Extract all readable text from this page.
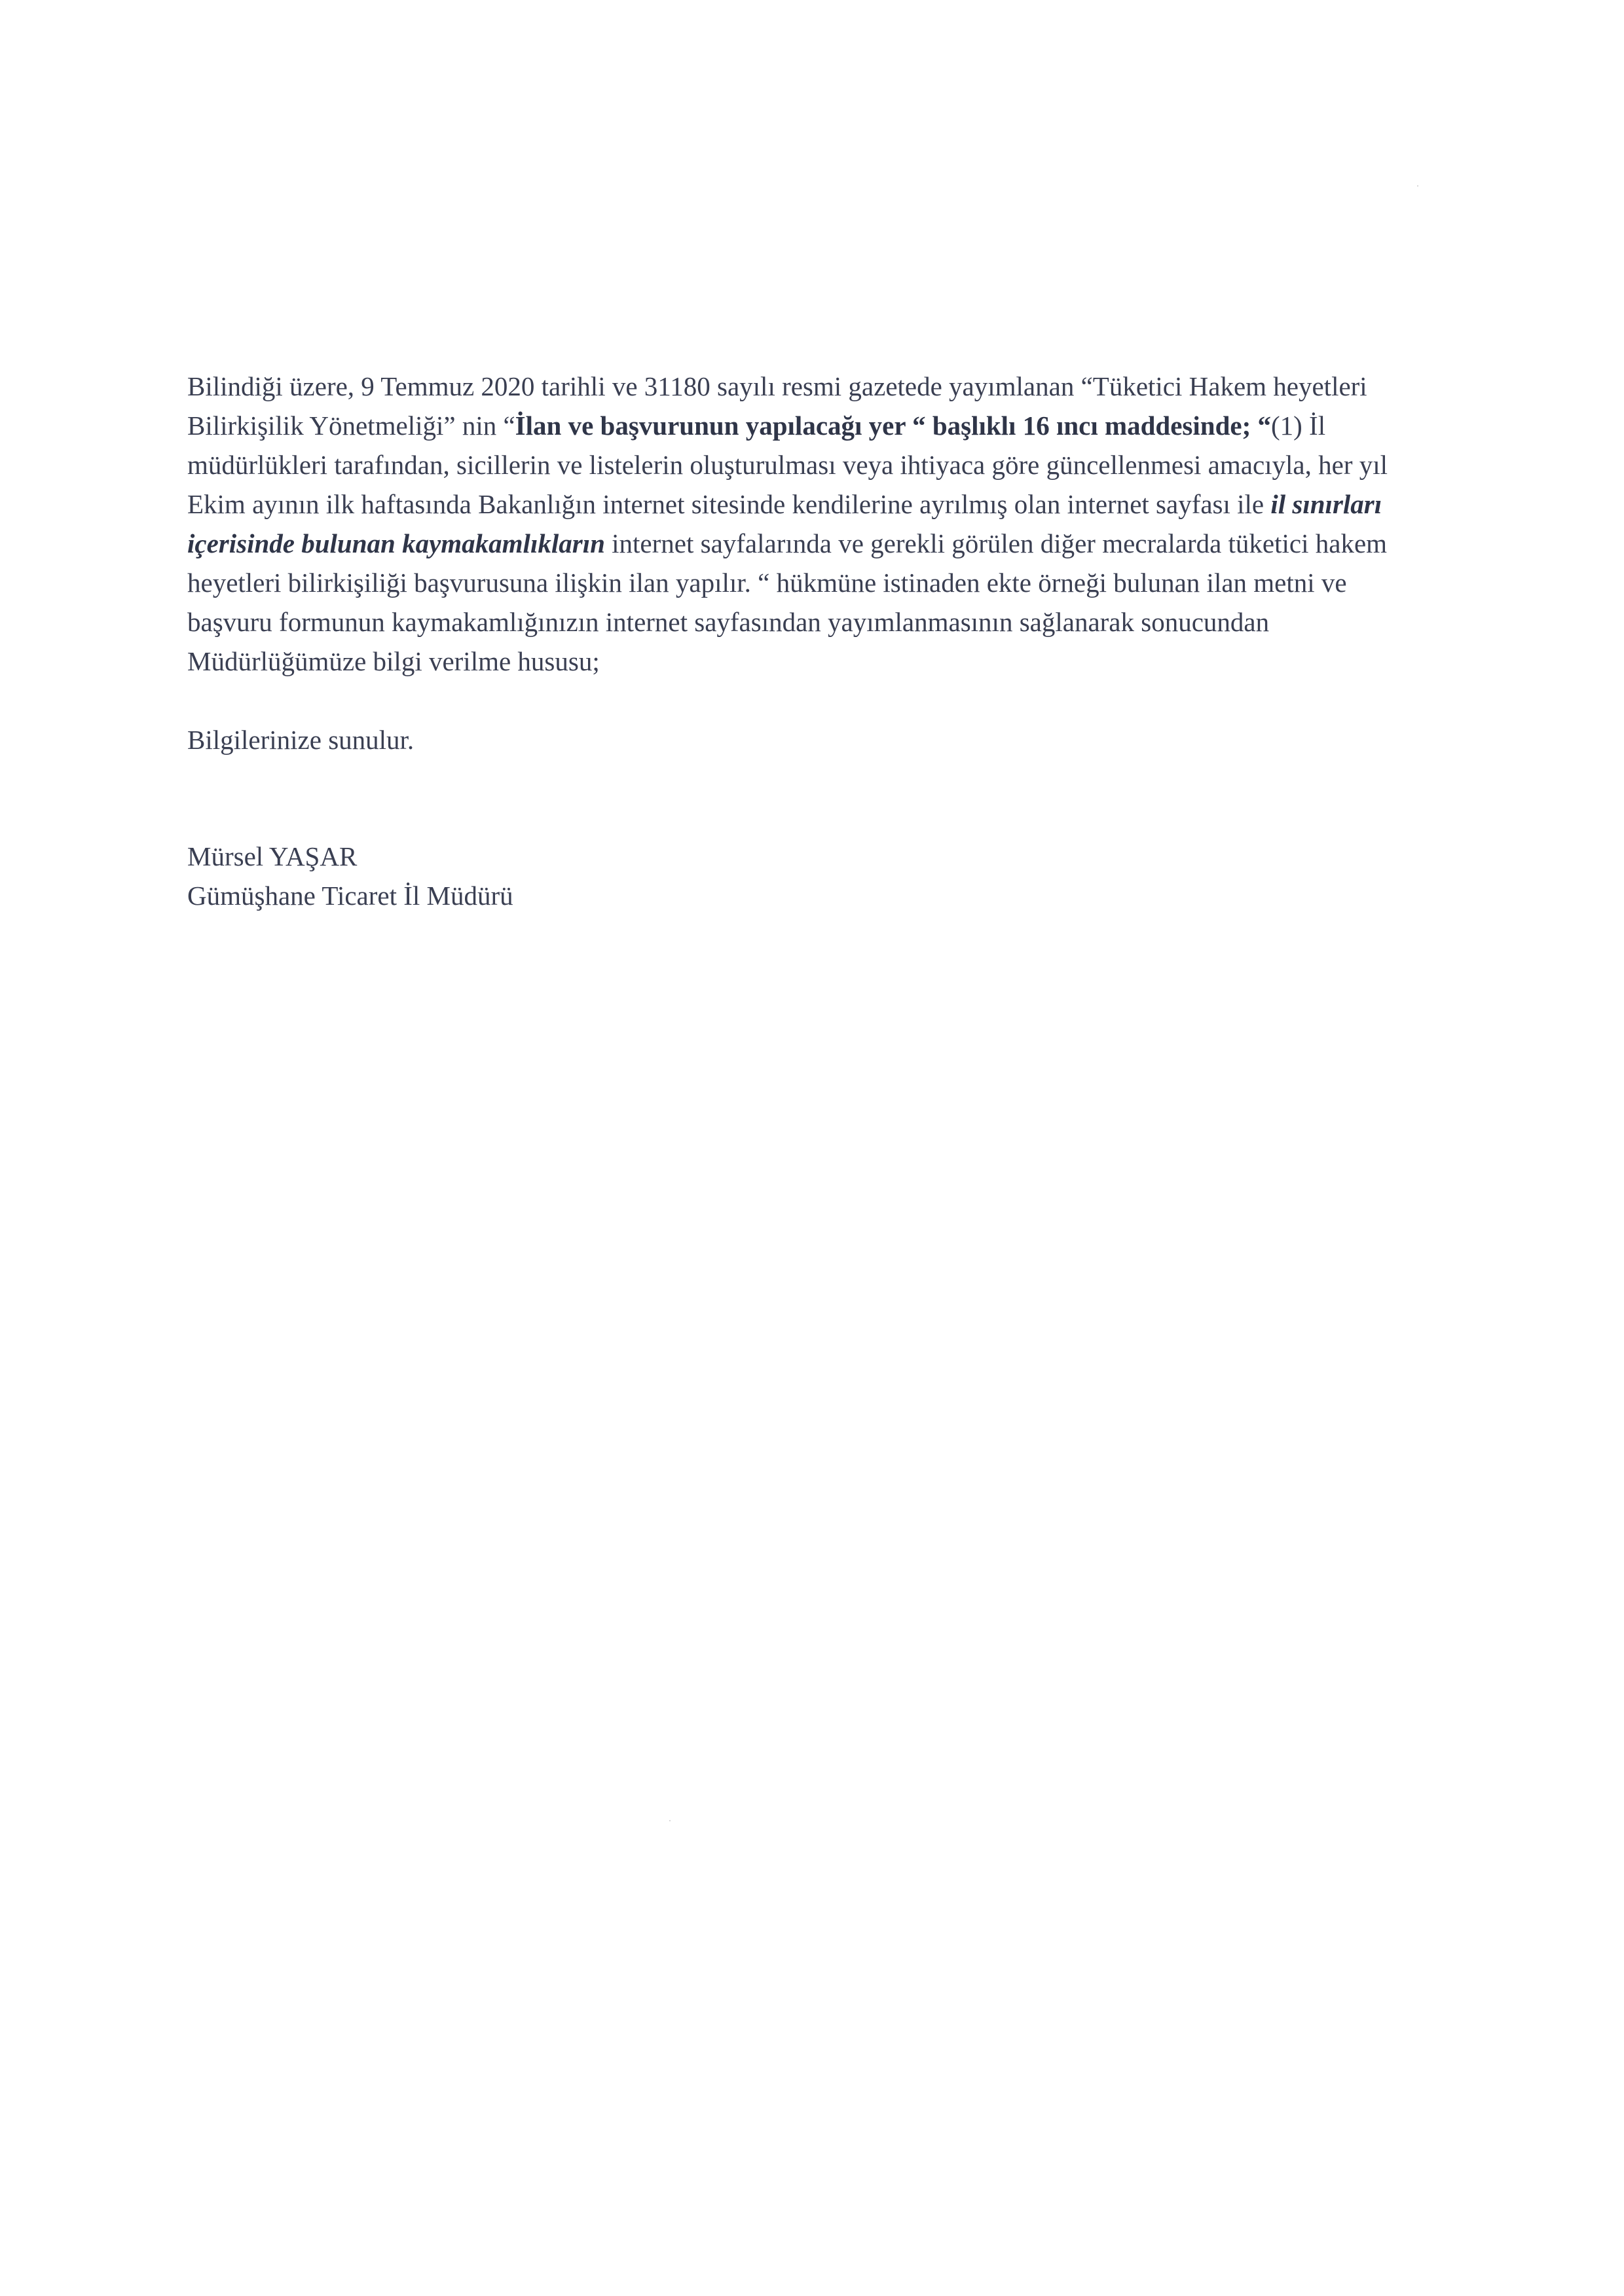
Bilindiği üzere, 9 Temmuz 2020 tarihli ve 31180 sayılı resmi gazetede yayımlanan “Tüketici Hakem heyetleri Bilirkişilik Yönetmeliği” nin “İlan ve başvurunun yapılacağı yer “ başlıklı 16 ıncı maddesinde; “(1) İl müdürlükleri tarafından, sicillerin ve listelerin oluşturulması veya ihtiyaca göre güncellenmesi amacıyla, her yıl Ekim ayının ilk haftasında Bakanlığın internet sitesinde kendilerine ayrılmış olan internet sayfası ile il sınırları içerisinde bulunan kaymakamlıkların internet sayfalarında ve gerekli görülen diğer mecralarda tüketici hakem heyetleri bilirkişiliği başvurusuna ilişkin ilan yapılır. “ hükmüne istinaden ekte örneği bulunan ilan metni ve başvuru formunun kaymakamlığınızın internet sayfasından yayımlanmasının sağlanarak sonucundan Müdürlüğümüze bilgi verilme hususu;

Bilgilerinize sunulur.

Mürsel YAŞAR
Gümüşhane Ticaret İl Müdürü
